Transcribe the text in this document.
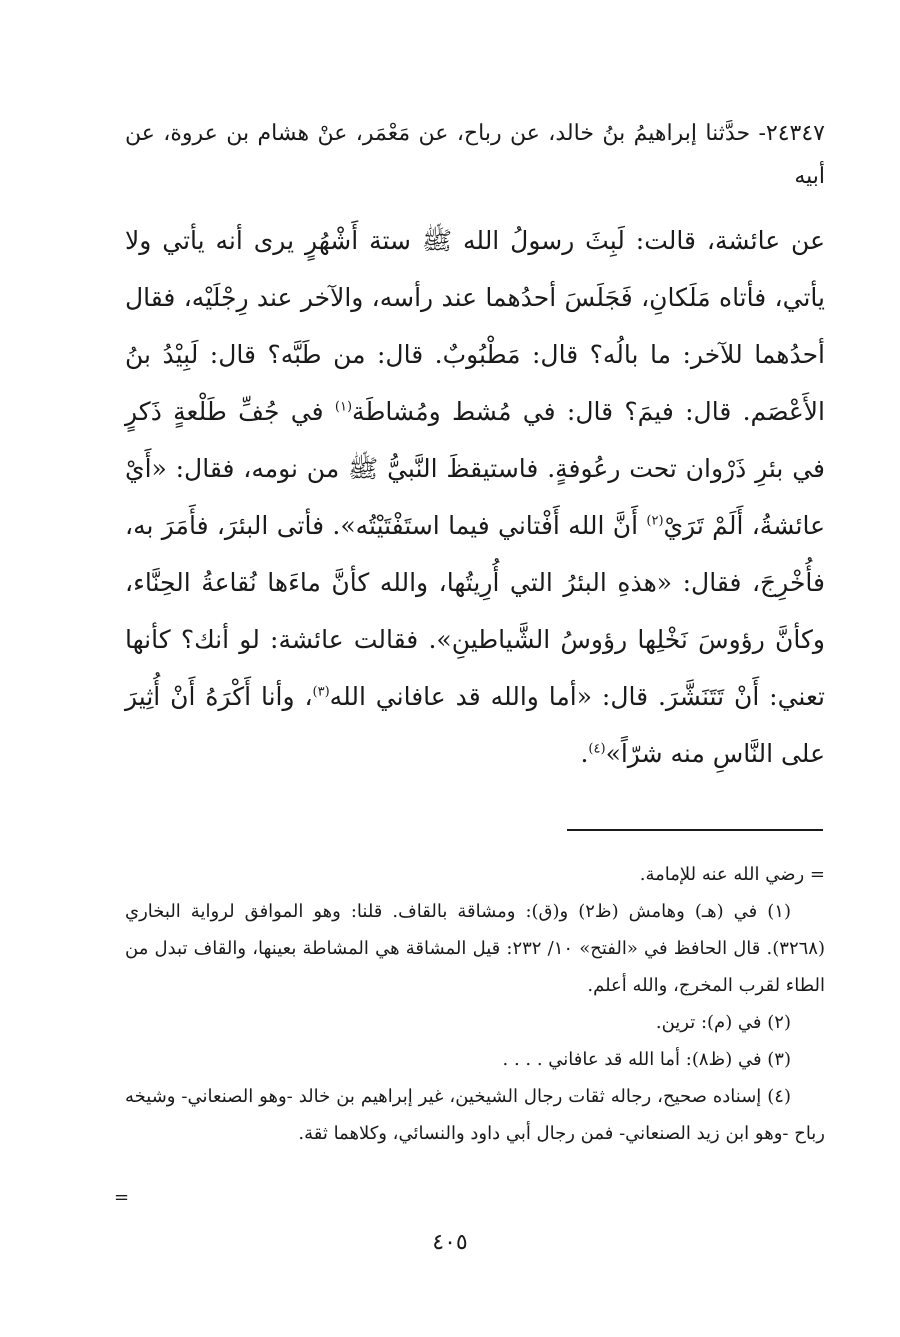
٢٤٣٤٧- حدَّثنا إبراهيمُ بنُ خالد، عن رباح، عن مَعْمَر، عنْ هشام بن عروة، عن أبيه
عن عائشة، قالت: لَبِثَ رسولُ الله ﷺ ستة أَشْهُرٍ يرى أنه يأتي ولا يأتي، فأتاه مَلَكانِ، فَجَلَسَ أحدُهما عند رأسه، والآخر عند رِجْلَيْه، فقال أحدُهما للآخر: ما بالُه؟ قال: مَطْبُوبٌ. قال: من طَبَّه؟ قال: لَبِيْدُ بنُ الأَعْصَم. قال: فيمَ؟ قال: في مُشط ومُشاطَة$^{(١)}$ في جُفِّ طَلْعةٍ ذَكرٍ في بئرِ ذَرْوان تحت رعُوفةٍ. فاستيقظَ النَّبيُّ ﷺ من نومه، فقال: «أَيْ عائشةُ، أَلَمْ تَرَيْ$^{(٢)}$ أَنَّ الله أَفْتاني فيما استَفْتَيْتُه». فأتى البئرَ، فأَمَرَ به، فأُخْرِجَ، فقال: «هذهِ البئرُ التي أُرِيتُها، والله كأنَّ ماءَها نُقاعةُ الحِنَّاء، وكأنَّ رؤوسَ نَخْلِها رؤوسُ الشَّياطينِ». فقالت عائشة: لو أنك؟ كأنها تعني: أَنْ تَتَنَشَّرَ. قال: «أما والله قد عافاني الله$^{(٣)}$، وأنا أَكْرَهُ أَنْ أُثِيرَ على النَّاسِ منه شرّاً»$^{(٤)}$.
= رضي الله عنه للإمامة.
(١) في (هـ) وهامش (ظ٢) و(ق): ومشاقة بالقاف. قلنا: وهو الموافق لرواية البخاري (٣٢٦٨). قال الحافظ في «الفتح» ١٠/ ٢٣٢: قيل المشاقة هي المشاطة بعينها، والقاف تبدل من الطاء لقرب المخرج، والله أعلم.
(٢) في (م): ترين.
(٣) في (ظ٨): أما الله قد عافاني . . . .
(٤) إسناده صحيح، رجاله ثقات رجال الشيخين، غير إبراهيم بن خالد -وهو الصنعاني- وشيخه رباح -وهو ابن زيد الصنعاني- فمن رجال أبي داود والنسائي، وكلاهما ثقة.
=
٤٠٥
